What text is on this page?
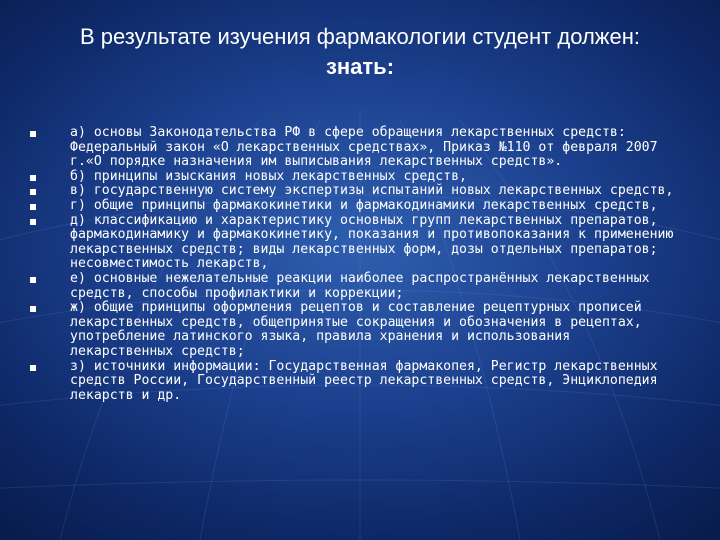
В результате изучения фармакологии студент должен:
знать:
а) основы Законодательства РФ в сфере обращения лекарственных средств: Федеральный закон «О лекарственных средствах», Приказ №110 от февраля 2007 г.«О порядке назначения им выписывания лекарственных средств».
б) принципы изыскания новых лекарственных средств,
в) государственную систему экспертизы испытаний новых лекарственных средств,
г) общие принципы фармакокинетики и фармакодинамики лекарственных средств,
д) классификацию и характеристику основных групп лекарственных препаратов, фармакодинамику и фармакокинетику, показания и противопоказания к применению лекарственных средств; виды лекарственных форм, дозы отдельных препаратов; несовместимость лекарств,
е) основные нежелательные реакции наиболее распространённых лекарственных средств, способы профилактики и коррекции;
ж) общие принципы оформления рецептов и составление рецептурных прописей лекарственных средств, общепринятые сокращения и обозначения в рецептах, употребление латинского языка, правила хранения и использования лекарственных средств;
з) источники информации: Государственная фармакопея, Регистр лекарственных средств России, Государственный реестр лекарственных средств, Энциклопедия лекарств и др.
